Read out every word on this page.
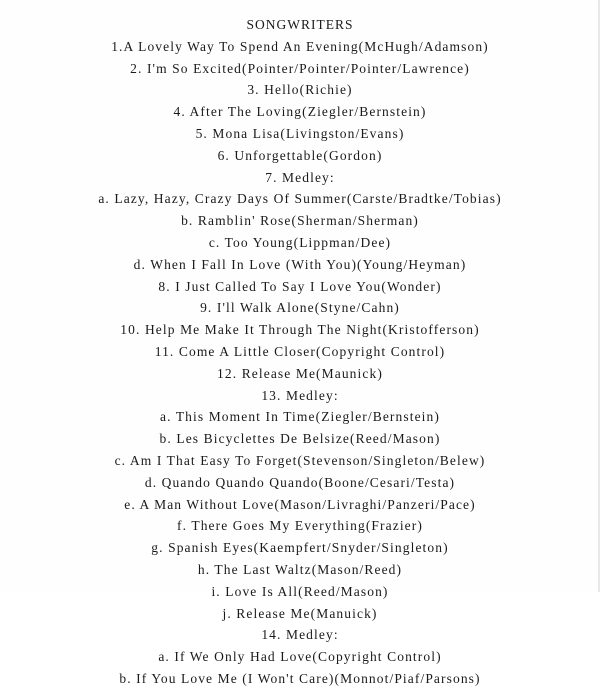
SONGWRITERS
1.A Lovely Way To Spend An Evening(McHugh/Adamson)
2. I'm So Excited(Pointer/Pointer/Pointer/Lawrence)
3. Hello(Richie)
4. After The Loving(Ziegler/Bernstein)
5. Mona Lisa(Livingston/Evans)
6. Unforgettable(Gordon)
7. Medley:
a. Lazy, Hazy, Crazy Days Of Summer(Carste/Bradtke/Tobias)
b. Ramblin' Rose(Sherman/Sherman)
c. Too Young(Lippman/Dee)
d. When I Fall In Love (With You)(Young/Heyman)
8. I Just Called To Say I Love You(Wonder)
9. I'll Walk Alone(Styne/Cahn)
10. Help Me Make It Through The Night(Kristofferson)
11. Come A Little Closer(Copyright Control)
12. Release Me(Maunick)
13. Medley:
a. This Moment In Time(Ziegler/Bernstein)
b. Les Bicyclettes De Belsize(Reed/Mason)
c. Am I That Easy To Forget(Stevenson/Singleton/Belew)
d. Quando Quando Quando(Boone/Cesari/Testa)
e. A Man Without Love(Mason/Livraghi/Panzeri/Pace)
f. There Goes My Everything(Frazier)
g. Spanish Eyes(Kaempfert/Snyder/Singleton)
h. The Last Waltz(Mason/Reed)
i. Love Is All(Reed/Mason)
j. Release Me(Manuick)
14. Medley:
a. If We Only Had Love(Copyright Control)
b. If You Love Me (I Won't Care)(Monnot/Piaf/Parsons)
